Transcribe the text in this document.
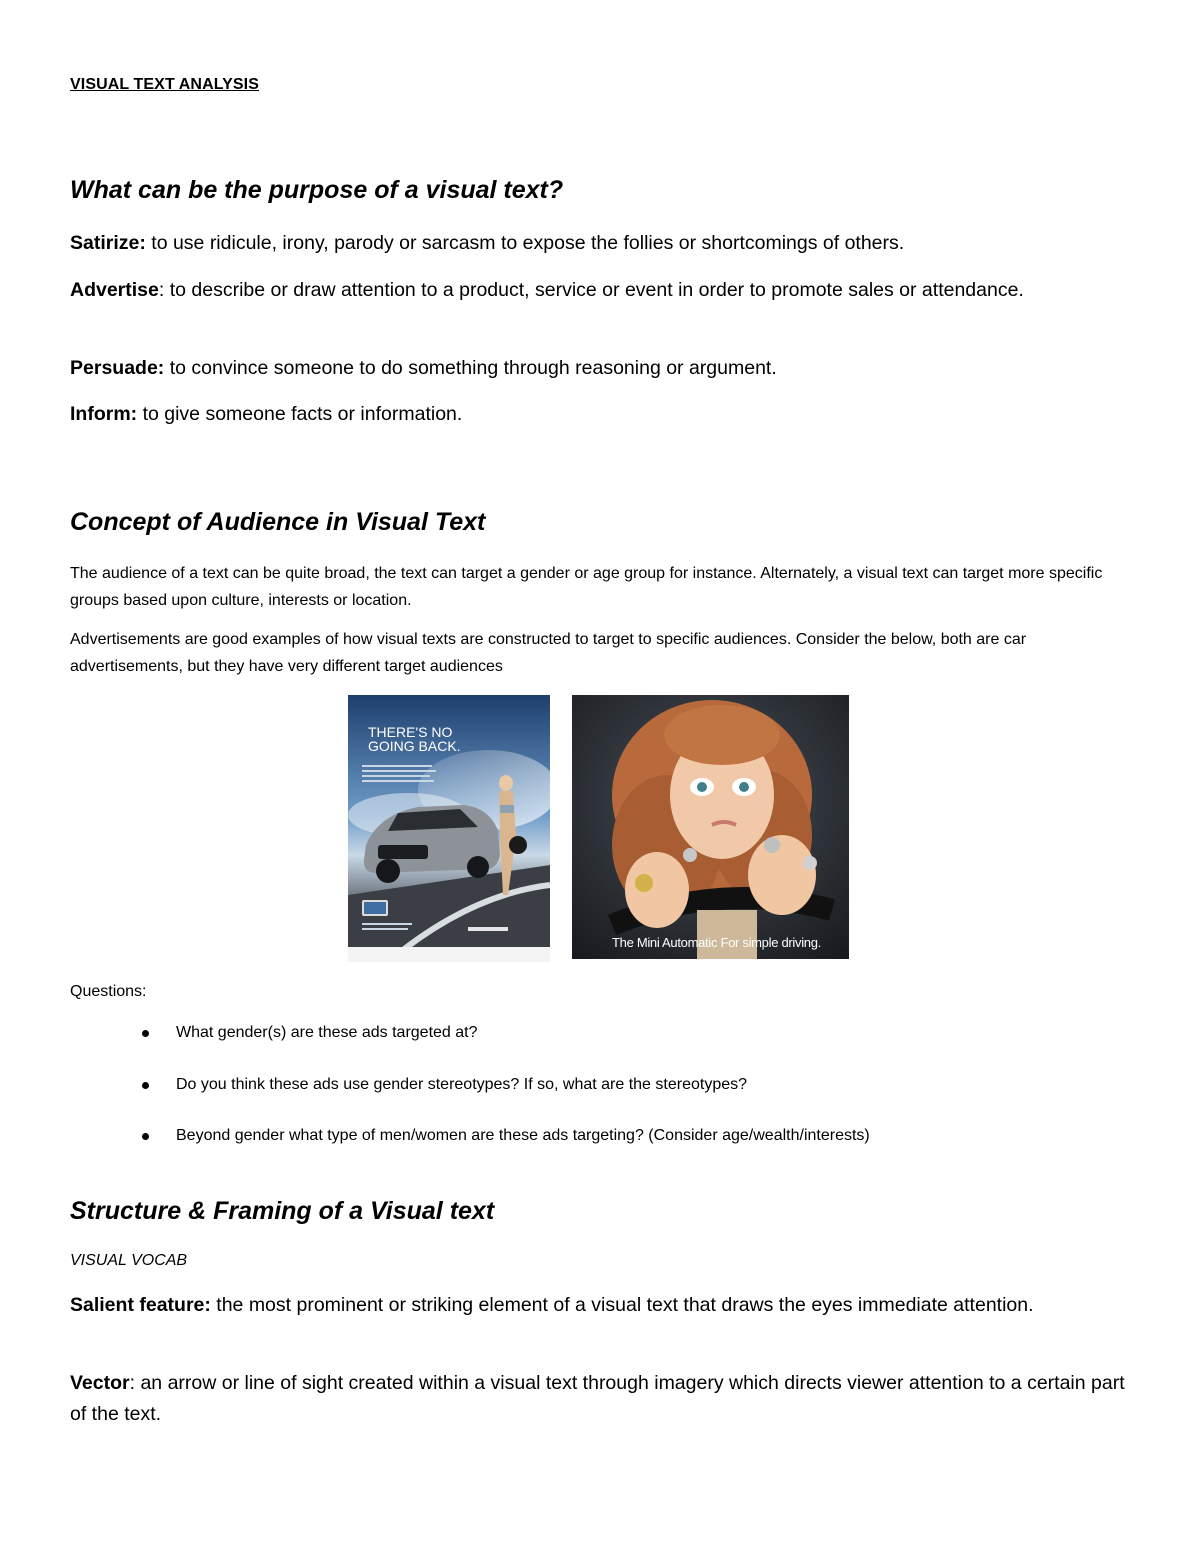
VISUAL TEXT ANALYSIS
What can be the purpose of a visual text?
Satirize: to use ridicule, irony, parody or sarcasm to expose the follies or shortcomings of others.
Advertise: to describe or draw attention to a product, service or event in order to promote sales or attendance.
Persuade: to convince someone to do something through reasoning or argument.
Inform: to give someone facts or information.
Concept of Audience in Visual Text
The audience of a text can be quite broad, the text can target a gender or age group for instance. Alternately, a visual text can target more specific groups based upon culture, interests or location.
Advertisements are good examples of how visual texts are constructed to target to specific audiences. Consider the below, both are car advertisements, but they have very different target audiences
THERE'S NO GOING BACK.
The Mini Automatic For simple driving.
Questions:
What gender(s) are these ads targeted at?
Do you think these ads use gender stereotypes? If so, what are the stereotypes?
Beyond gender what type of men/women are these ads targeting? (Consider age/wealth/interests)
Structure & Framing of a Visual text
VISUAL VOCAB
Salient feature: the most prominent or striking element of a visual text that draws the eyes immediate attention.
Vector: an arrow or line of sight created within a visual text through imagery which directs viewer attention to a certain part of the text.
